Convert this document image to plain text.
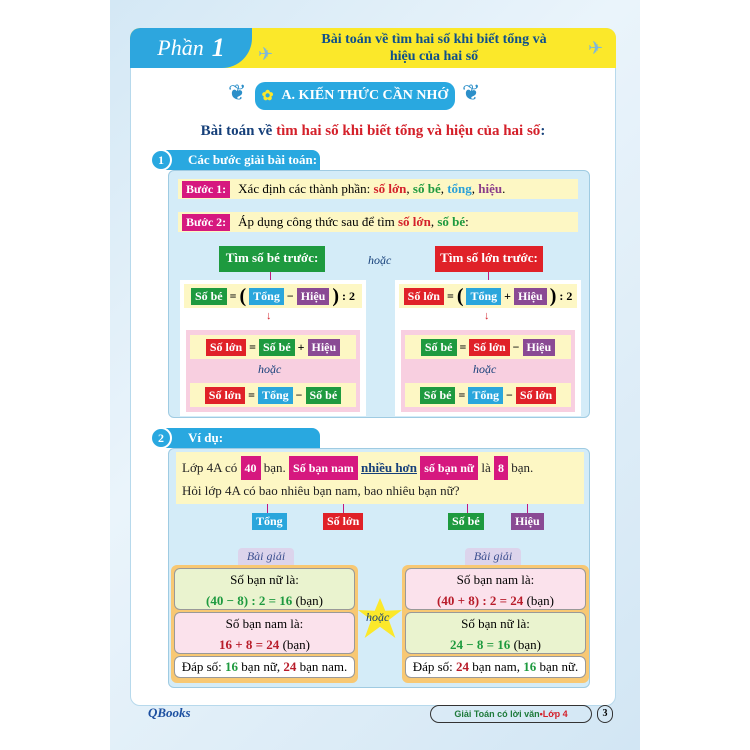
Phần 1	Bài toán về tìm hai số khi biết tổng và
hiệu của hai số
✈	✈
❦ ✿ A. KIẾN THỨC CẦN NHỚ ❦
Bài toán về tìm hai số khi biết tổng và hiệu của hai số:
Các bước giải bài toán:
1
Bước 1: Xác định các thành phần: số lớn, số bé, tổng, hiệu.
Bước 2: Áp dụng công thức sau để tìm số lớn, số bé:
Tìm số bé trước:	hoặc	Tìm số lớn trước:
Số bé = ( Tổng − Hiệu ) : 2
↓
Số lớn = Số bé + Hiệu
hoặc
Số lớn = Tổng − Số bé
Số lớn = ( Tổng + Hiệu ) : 2
↓
Số bé = Số lớn − Hiệu
hoặc
Số bé = Tổng − Số lớn
Ví dụ:
2
Lớp 4A có 40 bạn. Số bạn nam nhiều hơn số bạn nữ là 8 bạn.
Hỏi lớp 4A có bao nhiêu bạn nam, bao nhiêu bạn nữ?
Tổng	Số lớn	Số bé	Hiệu
Bài giải	Bài giải
Số bạn nữ là:
(40 − 8) : 2 = 16 (bạn)
Số bạn nam là:
16 + 8 = 24 (bạn)
Đáp số: 16 bạn nữ, 24 bạn nam.
hoặc
Số bạn nam là:
(40 + 8) : 2 = 24 (bạn)
Số bạn nữ là:
24 − 8 = 16 (bạn)
Đáp số: 24 bạn nam, 16 bạn nữ.
QBooks	Giải Toán có lời văn • Lớp 4	3
